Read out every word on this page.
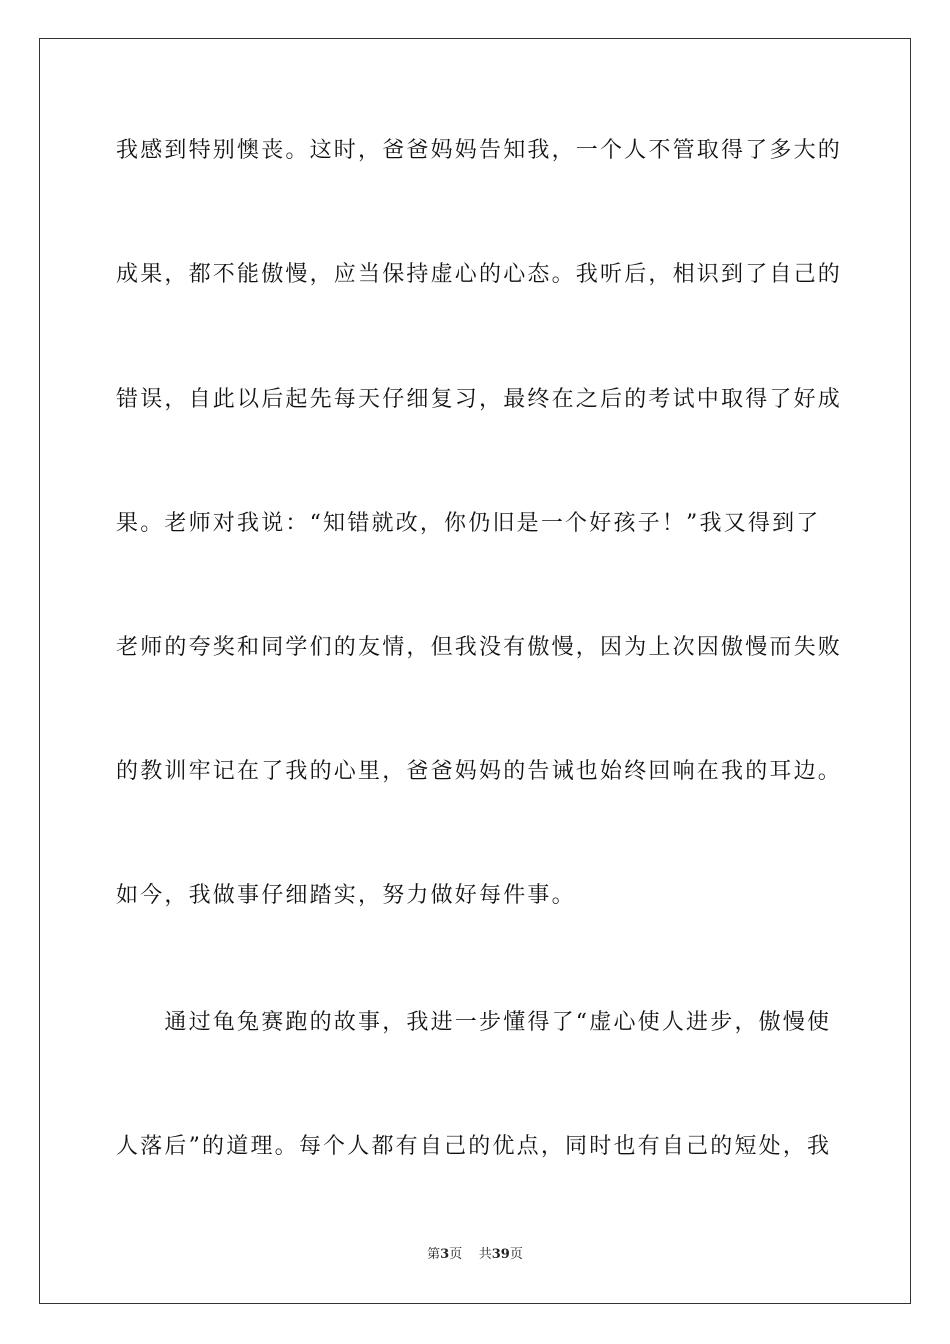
我感到特别懊丧。这时，爸爸妈妈告知我，一个人不管取得了多大的
成果，都不能傲慢，应当保持虚心的心态。我听后，相识到了自己的
错误，自此以后起先每天仔细复习，最终在之后的考试中取得了好成
果。老师对我说：“知错就改，你仍旧是一个好孩子！”我又得到了
老师的夸奖和同学们的友情，但我没有傲慢，因为上次因傲慢而失败
的教训牢记在了我的心里，爸爸妈妈的告诫也始终回响在我的耳边。
如今，我做事仔细踏实，努力做好每件事。
　　通过龟兔赛跑的故事，我进一步懂得了“虚心使人进步，傲慢使
人落后”的道理。每个人都有自己的优点，同时也有自己的短处，我
第3页 共39页
